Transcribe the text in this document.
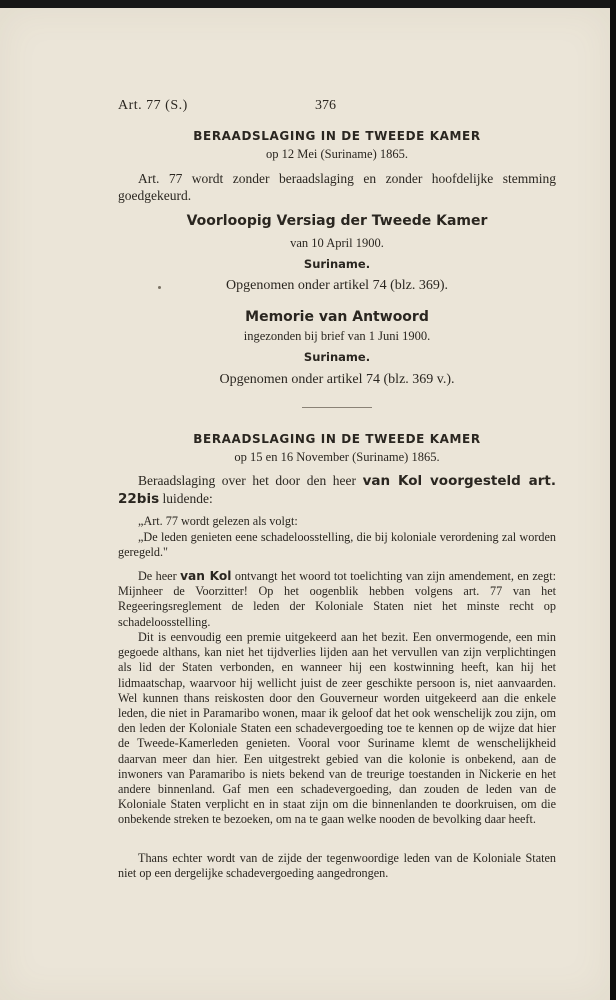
Art. 77 (S.)	376
BERAADSLAGING IN DE TWEEDE KAMER
op 12 Mei (Suriname) 1865.
Art. 77 wordt zonder beraadslaging en zonder hoofdelijke stemming goedgekeurd.
Voorloopig Versiag der Tweede Kamer
van 10 April 1900.
Suriname.
Opgenomen onder artikel 74 (blz. 369).
Memorie van Antwoord
ingezonden bij brief van 1 Juni 1900.
Suriname.
Opgenomen onder artikel 74 (blz. 369 v.).
BERAADSLAGING IN DE TWEEDE KAMER
op 15 en 16 November (Suriname) 1865.
Beraadslaging over het door den heer van Kol voorgesteld art. 22bis luidende:
„Art. 77 wordt gelezen als volgt:
„De leden genieten eene schadeloosstelling, die bij koloniale verordening zal worden geregeld."
De heer van Kol ontvangt het woord tot toelichting van zijn amendement, en zegt: Mijnheer de Voorzitter! Op het oogenblik hebben volgens art. 77 van het Regeeringsreglement de leden der Koloniale Staten niet het minste recht op schadeloosstelling.
Dit is eenvoudig een premie uitgekeerd aan het bezit. Een onvermogende, een min gegoede althans, kan niet het tijdverlies lijden aan het vervullen van zijn verplichtingen als lid der Staten verbonden, en wanneer hij een kostwinning heeft, kan hij het lidmaatschap, waarvoor hij wellicht juist de zeer geschikte persoon is, niet aanvaarden. Wel kunnen thans reiskosten door den Gouverneur worden uitgekeerd aan die enkele leden, die niet in Paramaribo wonen, maar ik geloof dat het ook wenschelijk zou zijn, om den leden der Koloniale Staten een schadevergoeding toe te kennen op de wijze dat hier de Tweede-Kamerleden genieten. Vooral voor Suriname klemt de wenschelijkheid daarvan meer dan hier. Een uitgestrekt gebied van die kolonie is onbekend, aan de inwoners van Paramaribo is niets bekend van de treurige toestanden in Nickerie en het andere binnenland. Gaf men een schadevergoeding, dan zouden de leden van de Koloniale Staten verplicht en in staat zijn om die binnenlanden te doorkruisen, om die onbekende streken te bezoeken, om na te gaan welke nooden de bevolking daar heeft.
Thans echter wordt van de zijde der tegenwoordige leden van de Koloniale Staten niet op een dergelijke schadevergoeding aangedrongen.
